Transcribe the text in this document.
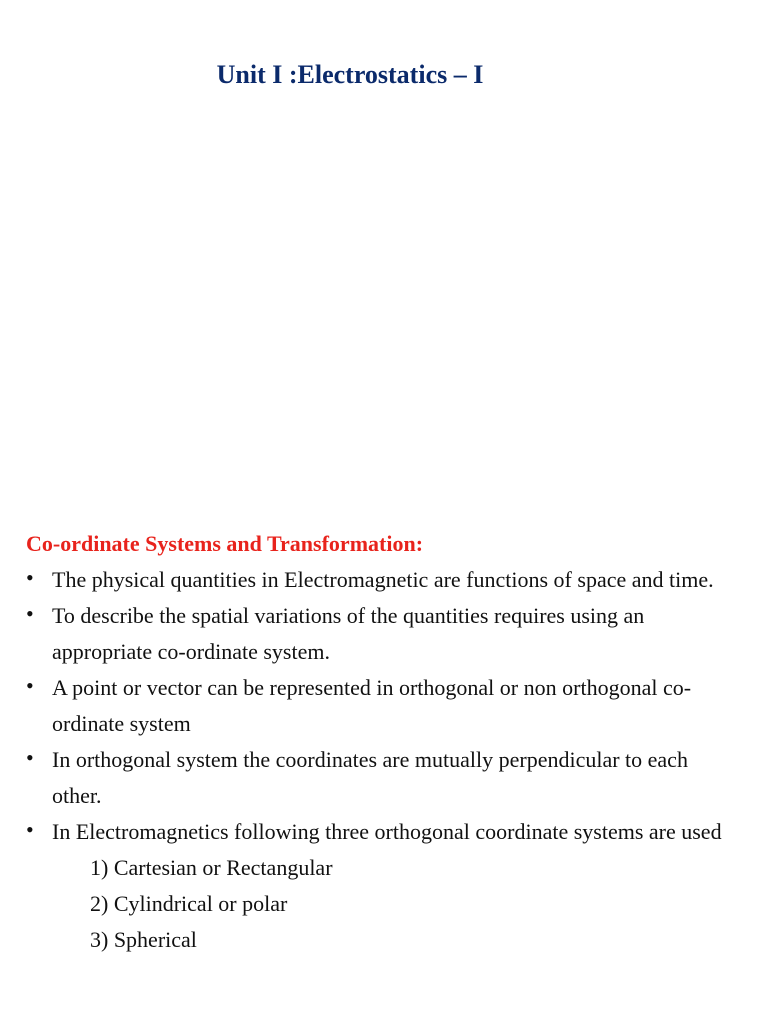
Unit I :Electrostatics – I
Co-ordinate Systems and Transformation:
• The physical quantities in Electromagnetic are functions of space and time.
• To describe the spatial variations of the quantities requires using an appropriate co-ordinate system.
• A point or vector can be represented in orthogonal or non orthogonal co-ordinate system
• In orthogonal system the coordinates are mutually perpendicular to each other.
• In Electromagnetics following three orthogonal coordinate systems are used
1) Cartesian or Rectangular
2) Cylindrical or polar
3) Spherical
